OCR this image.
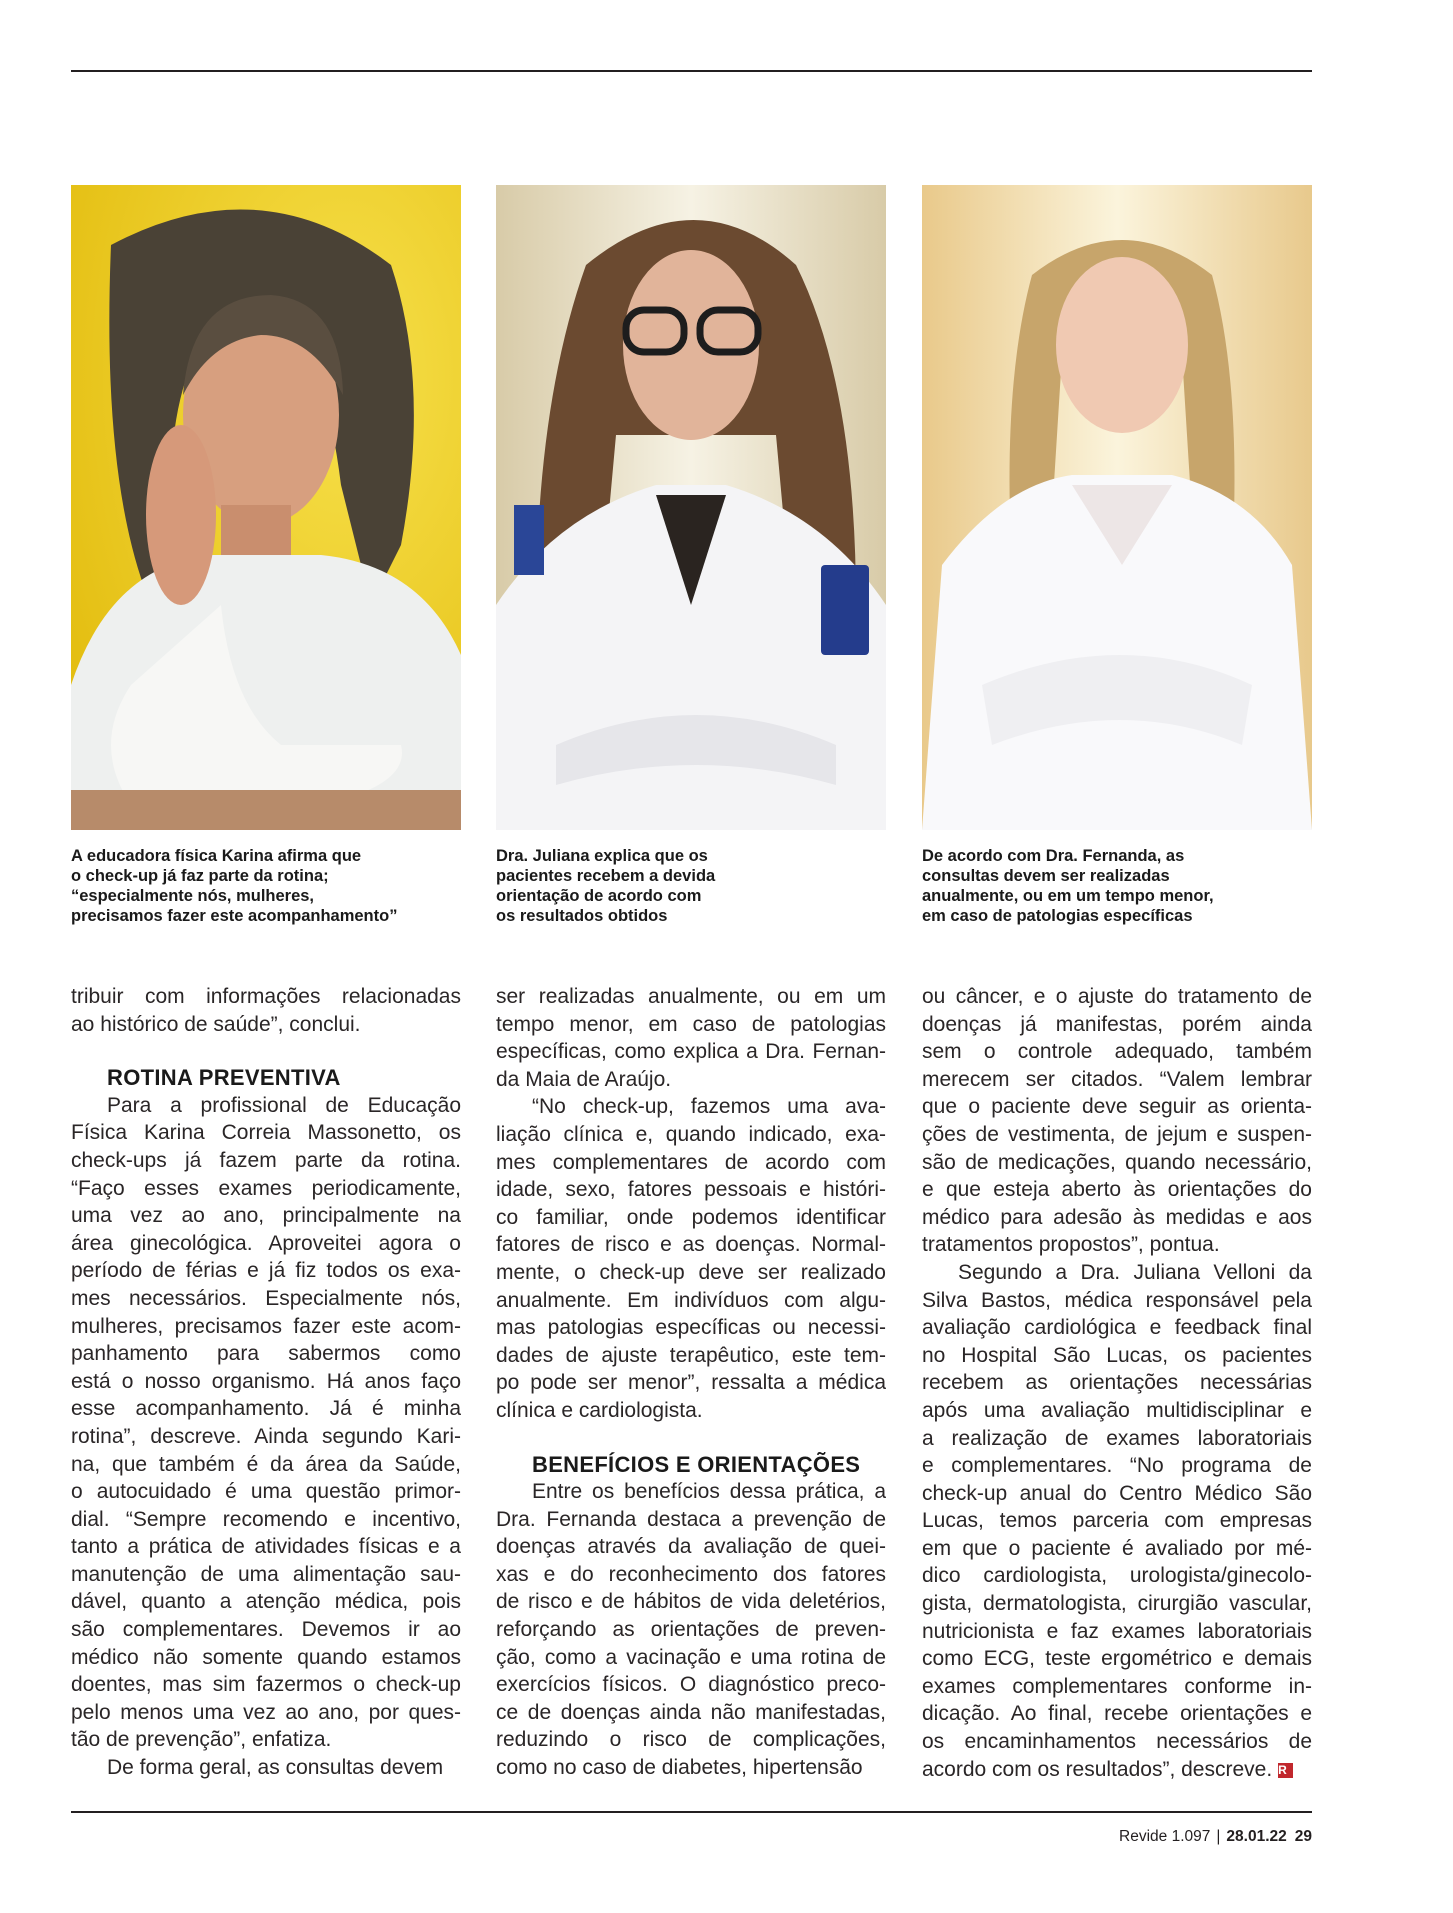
A educadora física Karina afirma que
o check-up já faz parte da rotina;
“especialmente nós, mulheres,
precisamos fazer este acompanhamento”
Dra. Juliana explica que os
pacientes recebem a devida
orientação de acordo com
os resultados obtidos
De acordo com Dra. Fernanda, as
consultas devem ser realizadas
anualmente, ou em um tempo menor,
em caso de patologias específicas
tribuir com informações relacionadas
ao histórico de saúde”, conclui.
ROTINA PREVENTIVA
Para a profissional de Educação
Física Karina Correia Massonetto, os
check-ups já fazem parte da rotina.
“Faço esses exames periodicamente,
uma vez ao ano, principalmente na
área ginecológica. Aproveitei agora o
período de férias e já fiz todos os exa-
mes necessários. Especialmente nós,
mulheres, precisamos fazer este acom-
panhamento para sabermos como
está o nosso organismo. Há anos faço
esse acompanhamento. Já é minha
rotina”, descreve. Ainda segundo Kari-
na, que também é da área da Saúde,
o autocuidado é uma questão primor-
dial. “Sempre recomendo e incentivo,
tanto a prática de atividades físicas e a
manutenção de uma alimentação sau-
dável, quanto a atenção médica, pois
são complementares. Devemos ir ao
médico não somente quando estamos
doentes, mas sim fazermos o check-up
pelo menos uma vez ao ano, por ques-
tão de prevenção”, enfatiza.
De forma geral, as consultas devem
ser realizadas anualmente, ou em um
tempo menor, em caso de patologias
específicas, como explica a Dra. Fernan-
da Maia de Araújo.
“No check-up, fazemos uma ava-
liação clínica e, quando indicado, exa-
mes complementares de acordo com
idade, sexo, fatores pessoais e históri-
co familiar, onde podemos identificar
fatores de risco e as doenças. Normal-
mente, o check-up deve ser realizado
anualmente. Em indivíduos com algu-
mas patologias específicas ou necessi-
dades de ajuste terapêutico, este tem-
po pode ser menor”, ressalta a médica
clínica e cardiologista.
BENEFÍCIOS E ORIENTAÇÕES
Entre os benefícios dessa prática, a
Dra. Fernanda destaca a prevenção de
doenças através da avaliação de quei-
xas e do reconhecimento dos fatores
de risco e de hábitos de vida deletérios,
reforçando as orientações de preven-
ção, como a vacinação e uma rotina de
exercícios físicos. O diagnóstico preco-
ce de doenças ainda não manifestadas,
reduzindo o risco de complicações,
como no caso de diabetes, hipertensão
ou câncer, e o ajuste do tratamento de
doenças já manifestas, porém ainda
sem o controle adequado, também
merecem ser citados. “Valem lembrar
que o paciente deve seguir as orienta-
ções de vestimenta, de jejum e suspen-
são de medicações, quando necessário,
e que esteja aberto às orientações do
médico para adesão às medidas e aos
tratamentos propostos”, pontua.
Segundo a Dra. Juliana Velloni da
Silva Bastos, médica responsável pela
avaliação cardiológica e feedback final
no Hospital São Lucas, os pacientes
recebem as orientações necessárias
após uma avaliação multidisciplinar e
a realização de exames laboratoriais
e complementares. “No programa de
check-up anual do Centro Médico São
Lucas, temos parceria com empresas
em que o paciente é avaliado por mé-
dico cardiologista, urologista/ginecolo-
gista, dermatologista, cirurgião vascular,
nutricionista e faz exames laboratoriais
como ECG, teste ergométrico e demais
exames complementares conforme in-
dicação. Ao final, recebe orientações e
os encaminhamentos necessários de
acordo com os resultados”, descreve. R
Revide 1.097 | 28.01.22 29
